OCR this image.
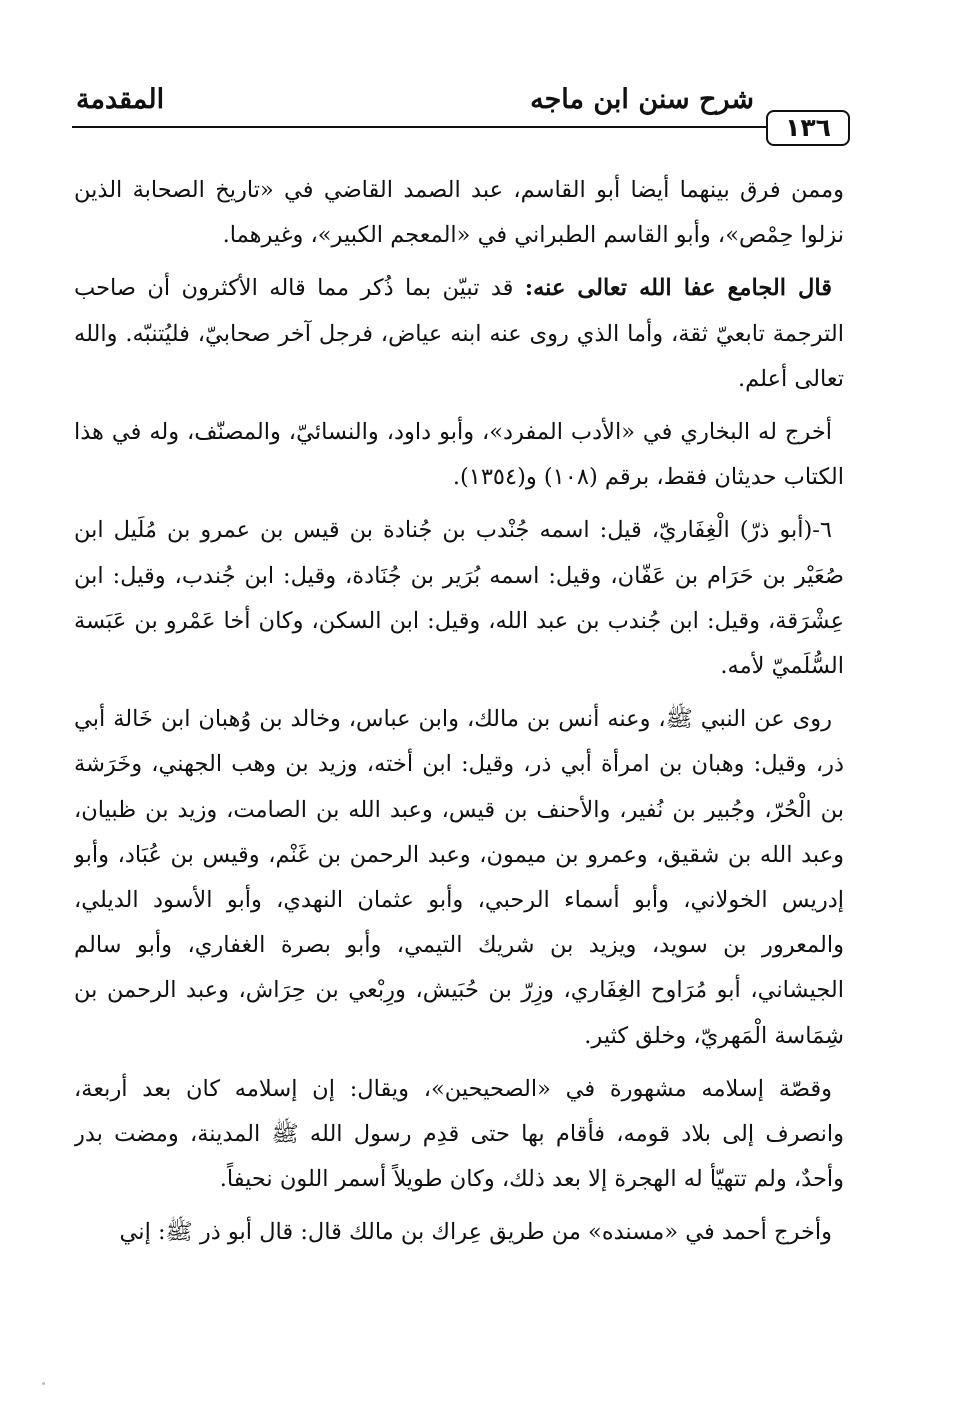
المقدمة	شرح سنن ابن ماجه
١٣٦

وممن فرق بينهما أيضا أبو القاسم، عبد الصمد القاضي في «تاريخ الصحابة الذين نزلوا حِمْص»، وأبو القاسم الطبراني في «المعجم الكبير»، وغيرهما.

قال الجامع عفا الله تعالى عنه: قد تبيّن بما ذُكر مما قاله الأكثرون أن صاحب الترجمة تابعيّ ثقة، وأما الذي روى عنه ابنه عياض، فرجل آخر صحابيّ، فليُتنبّه. والله تعالى أعلم.

أخرج له البخاري في «الأدب المفرد»، وأبو داود، والنسائيّ، والمصنّف، وله في هذا الكتاب حديثان فقط، برقم (١٠٨) و(١٣٥٤).

٦-(أبو ذرّ) الْغِفَاريّ، قيل: اسمه جُنْدب بن جُنادة بن قيس بن عمرو بن مُلَيل ابن صُعَيْر بن حَرَام بن عَفّان، وقيل: اسمه بُرَير بن جُنَادة، وقيل: ابن جُندب، وقيل: ابن عِشْرَقة، وقيل: ابن جُندب بن عبد الله، وقيل: ابن السكن، وكان أخا عَمْرو بن عَبَسة السُّلَميّ لأمه.

روى عن النبي ﷺ، وعنه أنس بن مالك، وابن عباس، وخالد بن وُهبان ابن خَالة أبي ذر، وقيل: وهبان بن امرأة أبي ذر، وقيل: ابن أخته، وزيد بن وهب الجهني، وخَرَشة بن الْحُرّ، وجُبير بن نُفير، والأحنف بن قيس، وعبد الله بن الصامت، وزيد بن ظبيان، وعبد الله بن شقيق، وعمرو بن ميمون، وعبد الرحمن بن غَنْم، وقيس بن عُبَاد، وأبو إدريس الخولاني، وأبو أسماء الرحبي، وأبو عثمان النهدي، وأبو الأسود الديلي، والمعرور بن سويد، ويزيد بن شريك التيمي، وأبو بصرة الغفاري، وأبو سالم الجيشاني، أبو مُرَاوح الغِفَاري، وزِرّ بن حُبَيش، ورِبْعي بن حِرَاش، وعبد الرحمن بن شِمَاسة الْمَهريّ، وخلق كثير.

وقصّة إسلامه مشهورة في «الصحيحين»، ويقال: إن إسلامه كان بعد أربعة، وانصرف إلى بلاد قومه، فأقام بها حتى قدِم رسول الله ﷺ المدينة، ومضت بدر وأحدٌ، ولم تتهيّأ له الهجرة إلا بعد ذلك، وكان طويلاً أسمر اللون نحيفاً.

وأخرج أحمد في «مسنده» من طريق عِراك بن مالك قال: قال أبو ذر ﷺ: إني
